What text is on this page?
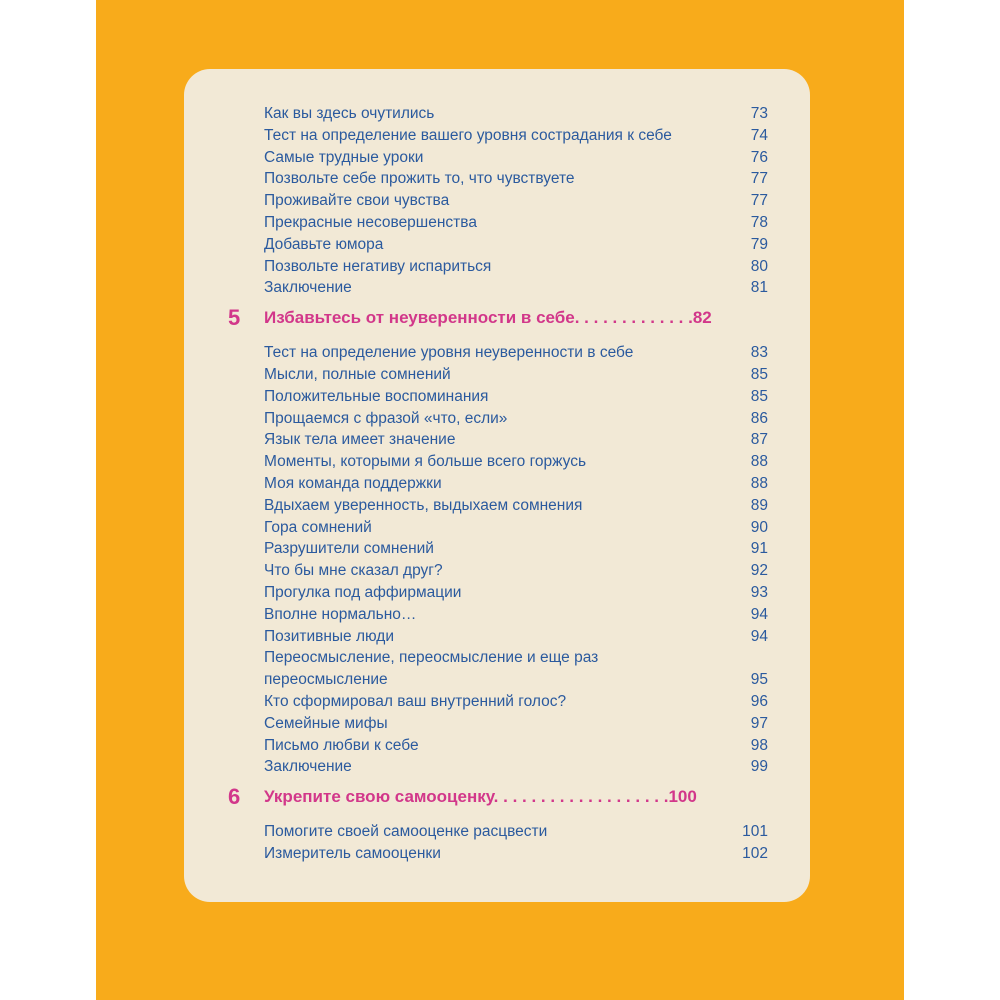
Как вы здесь очутились	73
Тест на определение вашего уровня сострадания к себе	74
Самые трудные уроки	76
Позвольте себе прожить то, что чувствуете	77
Проживайте свои чувства	77
Прекрасные несовершенства	78
Добавьте юмора	79
Позвольте негативу испариться	80
Заключение	81
5 Избавьтесь от неуверенности в себе. . . . . . . . . . . . .82
Тест на определение уровня неуверенности в себе	83
Мысли, полные сомнений	85
Положительные воспоминания	85
Прощаемся с фразой «что, если»	86
Язык тела имеет значение	87
Моменты, которыми я больше всего горжусь	88
Моя команда поддержки	88
Вдыхаем уверенность, выдыхаем сомнения	89
Гора сомнений	90
Разрушители сомнений	91
Что бы мне сказал друг?	92
Прогулка под аффирмации	93
Вполне нормально…	94
Позитивные люди	94
Переосмысление, переосмысление и еще раз
переосмысление	95
Кто сформировал ваш внутренний голос?	96
Семейные мифы	97
Письмо любви к себе	98
Заключение	99
6 Укрепите свою самооценку. . . . . . . . . . . . . . . . . . .100
Помогите своей самооценке расцвести	101
Измеритель самооценки	102
